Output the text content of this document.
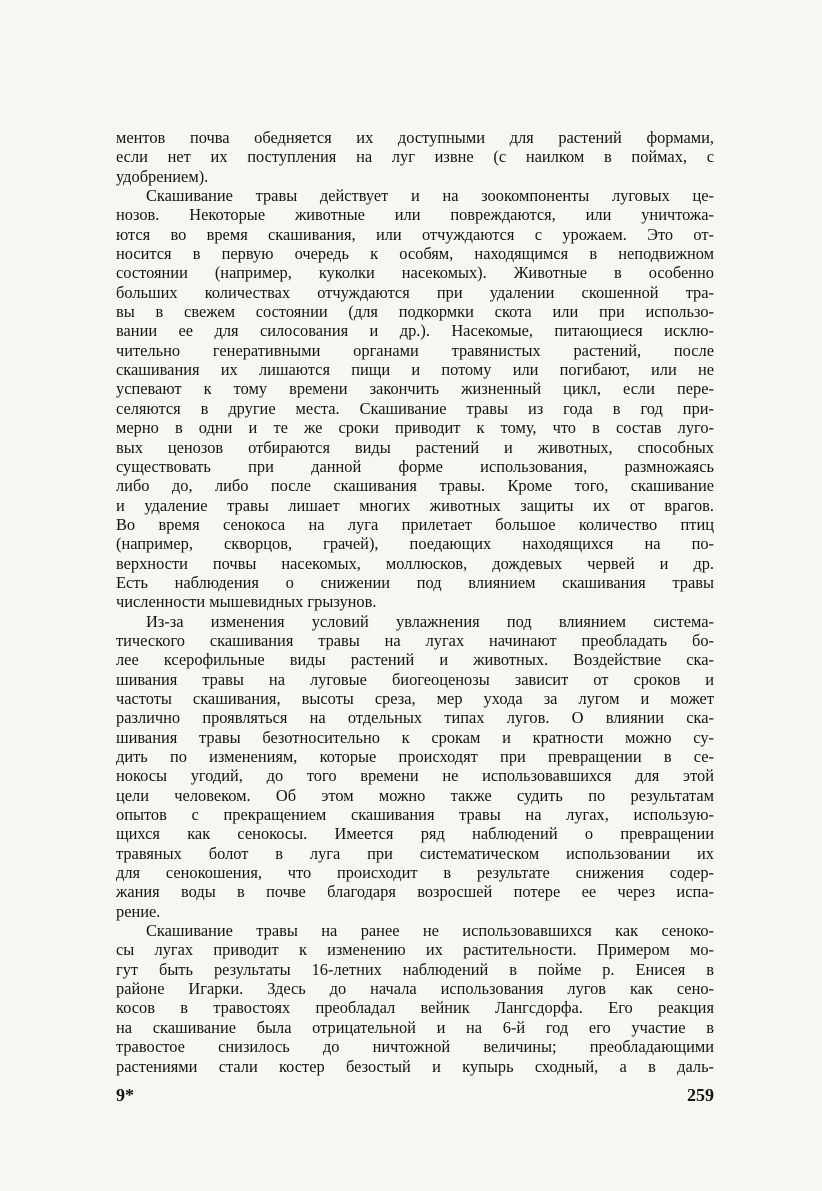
ментов почва обедняется их доступными для растений формами,
если нет их поступления на луг извне (с наилком в поймах, с
удобрением).
Скашивание травы действует и на зоокомпоненты луговых це-
нозов. Некоторые животные или повреждаются, или уничтожа-
ются во время скашивания, или отчуждаются с урожаем. Это от-
носится в первую очередь к особям, находящимся в неподвижном
состоянии (например, куколки насекомых). Животные в особенно
больших количествах отчуждаются при удалении скошенной тра-
вы в свежем состоянии (для подкормки скота или при использо-
вании ее для силосования и др.). Насекомые, питающиеся исклю-
чительно генеративными органами травянистых растений, после
скашивания их лишаются пищи и потому или погибают, или не
успевают к тому времени закончить жизненный цикл, если пере-
селяются в другие места. Скашивание травы из года в год при-
мерно в одни и те же сроки приводит к тому, что в состав луго-
вых ценозов отбираются виды растений и животных, способных
существовать при данной форме использования, размножаясь
либо до, либо после скашивания травы. Кроме того, скашивание
и удаление травы лишает многих животных защиты их от врагов.
Во время сенокоса на луга прилетает большое количество птиц
(например, скворцов, грачей), поедающих находящихся на по-
верхности почвы насекомых, моллюсков, дождевых червей и др.
Есть наблюдения о снижении под влиянием скашивания травы
численности мышевидных грызунов.
Из-за изменения условий увлажнения под влиянием система-
тического скашивания травы на лугах начинают преобладать бо-
лее ксерофильные виды растений и животных. Воздействие ска-
шивания травы на луговые биогеоценозы зависит от сроков и
частоты скашивания, высоты среза, мер ухода за лугом и может
различно проявляться на отдельных типах лугов. О влиянии ска-
шивания травы безотносительно к срокам и кратности можно су-
дить по изменениям, которые происходят при превращении в се-
нокосы угодий, до того времени не использовавшихся для этой
цели человеком. Об этом можно также судить по результатам
опытов с прекращением скашивания травы на лугах, использую-
щихся как сенокосы. Имеется ряд наблюдений о превращении
травяных болот в луга при систематическом использовании их
для сенокошения, что происходит в результате снижения содер-
жания воды в почве благодаря возросшей потере ее через испа-
рение.
Скашивание травы на ранее не использовавшихся как сеноко-
сы лугах приводит к изменению их растительности. Примером мо-
гут быть результаты 16-летних наблюдений в пойме р. Енисея в
районе Игарки. Здесь до начала использования лугов как сено-
косов в травостоях преобладал вейник Лангсдорфа. Его реакция
на скашивание была отрицательной и на 6-й год его участие в
травостое снизилось до ничтожной величины; преобладающими
растениями стали костер безостый и купырь сходный, а в даль-
9*	259
